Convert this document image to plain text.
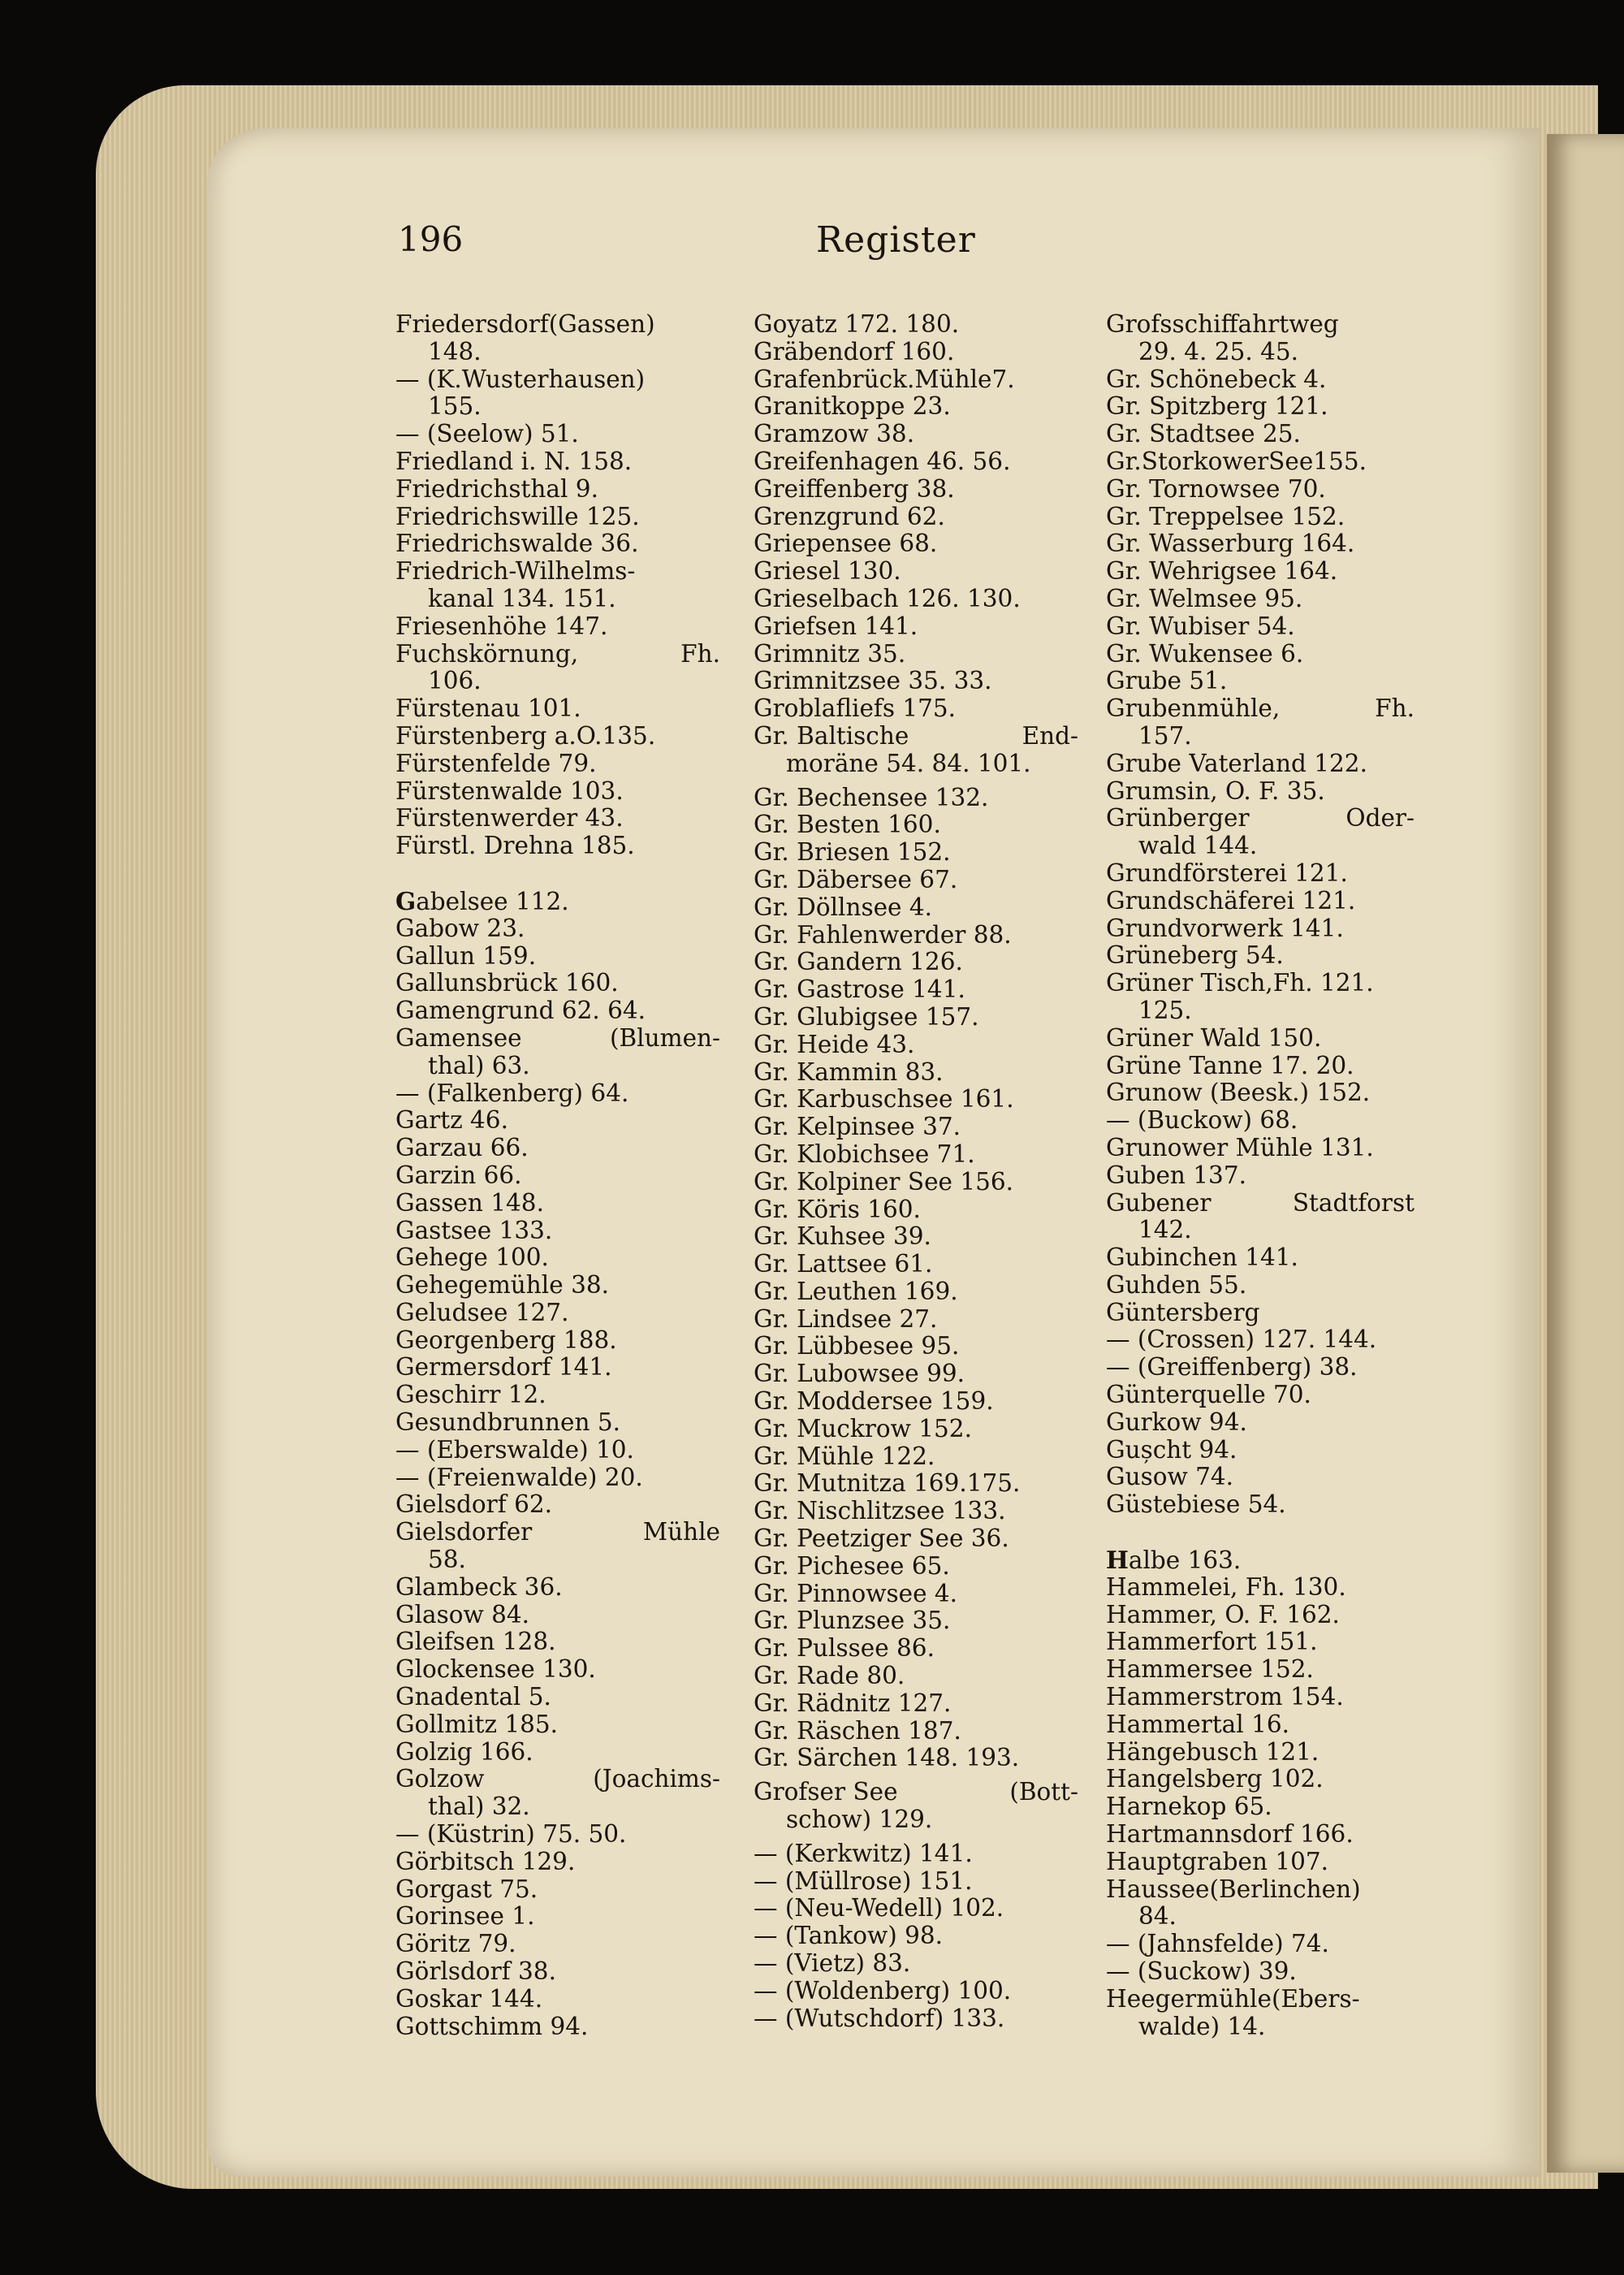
196	Register
Friedersdorf(Gassen)
148.
— (K.Wusterhausen)
155.
— (Seelow) 51.
Friedland i. N. 158.
Friedrichsthal 9.
Friedrichswille 125.
Friedrichswalde 36.
Friedrich-Wilhelms-
kanal 134. 151.
Friesenhöhe 147.
Fuchskörnung,	Fh.
106.
Fürstenau 101.
Fürstenberg a.O.135.
Fürstenfelde 79.
Fürstenwalde 103.
Fürstenwerder 43.
Fürstl. Drehna 185.
Gabelsee 112.
Gabow 23.
Gallun 159.
Gallunsbrück 160.
Gamengrund 62. 64.
Gamensee	(Blumen-
thal) 63.
— (Falkenberg) 64.
Gartz 46.
Garzau 66.
Garzin 66.
Gassen 148.
Gastsee 133.
Gehege 100.
Gehegemühle 38.
Geludsee 127.
Georgenberg 188.
Germersdorf 141.
Geschirr 12.
Gesundbrunnen 5.
— (Eberswalde) 10.
— (Freienwalde) 20.
Gielsdorf 62.
Gielsdorfer	Mühle
58.
Glambeck 36.
Glasow 84.
Gleifsen 128.
Glockensee 130.
Gnadental 5.
Gollmitz 185.
Golzig 166.
Golzow	(Joachims-
thal) 32.
— (Küstrin) 75. 50.
Görbitsch 129.
Gorgast 75.
Gorinsee 1.
Göritz 79.
Görlsdorf 38.
Goskar 144.
Gottschimm 94.
Goyatz 172. 180.
Gräbendorf 160.
Grafenbrück.Mühle7.
Granitkoppe 23.
Gramzow 38.
Greifenhagen 46. 56.
Greiffenberg 38.
Grenzgrund 62.
Griepensee 68.
Griesel 130.
Grieselbach 126. 130.
Griefsen 141.
Grimnitz 35.
Grimnitzsee 35. 33.
Groblafliefs 175.
Gr. Baltische	End-
moräne 54. 84. 101.
Gr. Bechensee 132.
Gr. Besten 160.
Gr. Briesen 152.
Gr. Däbersee 67.
Gr. Döllnsee 4.
Gr. Fahlenwerder 88.
Gr. Gandern 126.
Gr. Gastrose 141.
Gr. Glubigsee 157.
Gr. Heide 43.
Gr. Kammin 83.
Gr. Karbuschsee 161.
Gr. Kelpinsee 37.
Gr. Klobichsee 71.
Gr. Kolpiner See 156.
Gr. Köris 160.
Gr. Kuhsee 39.
Gr. Lattsee 61.
Gr. Leuthen 169.
Gr. Lindsee 27.
Gr. Lübbesee 95.
Gr. Lubowsee 99.
Gr. Moddersee 159.
Gr. Muckrow 152.
Gr. Mühle 122.
Gr. Mutnitza 169.175.
Gr. Nischlitzsee 133.
Gr. Peetziger See 36.
Gr. Pichesee 65.
Gr. Pinnowsee 4.
Gr. Plunzsee 35.
Gr. Pulssee 86.
Gr. Rade 80.
Gr. Rädnitz 127.
Gr. Räschen 187.
Gr. Särchen 148. 193.
Grofser See	(Bott-
schow) 129.
— (Kerkwitz) 141.
— (Müllrose) 151.
— (Neu-Wedell) 102.
— (Tankow) 98.
— (Vietz) 83.
— (Woldenberg) 100.
— (Wutschdorf) 133.
Grofsschiffahrtweg
29. 4. 25. 45.
Gr. Schönebeck 4.
Gr. Spitzberg 121.
Gr. Stadtsee 25.
Gr.StorkowerSee155.
Gr. Tornowsee 70.
Gr. Treppelsee 152.
Gr. Wasserburg 164.
Gr. Wehrigsee 164.
Gr. Welmsee 95.
Gr. Wubiser 54.
Gr. Wukensee 6.
Grube 51.
Grubenmühle,	Fh.
157.
Grube Vaterland 122.
Grumsin, O. F. 35.
Grünberger	Oder-
wald 144.
Grundförsterei 121.
Grundschäferei 121.
Grundvorwerk 141.
Grüneberg 54.
Grüner Tisch,Fh. 121.
125.
Grüner Wald 150.
Grüne Tanne 17. 20.
Grunow (Beesk.) 152.
— (Buckow) 68.
Grunower Mühle 131.
Guben 137.
Gubener	Stadtforst
142.
Gubinchen 141.
Guhden 55.
Güntersberg
— (Crossen) 127. 144.
— (Greiffenberg) 38.
Günterquelle 70.
Gurkow 94.
Gușcht 94.
Gusow 74.
Güstebiese 54.
Halbe 163.
Hammelei, Fh. 130.
Hammer, O. F. 162.
Hammerfort 151.
Hammersee 152.
Hammerstrom 154.
Hammertal 16.
Hängebusch 121.
Hangelsberg 102.
Harnekop 65.
Hartmannsdorf 166.
Hauptgraben 107.
Haussee(Berlinchen)
84.
— (Jahnsfelde) 74.
— (Suckow) 39.
Heegermühle(Ebers-
walde) 14.
